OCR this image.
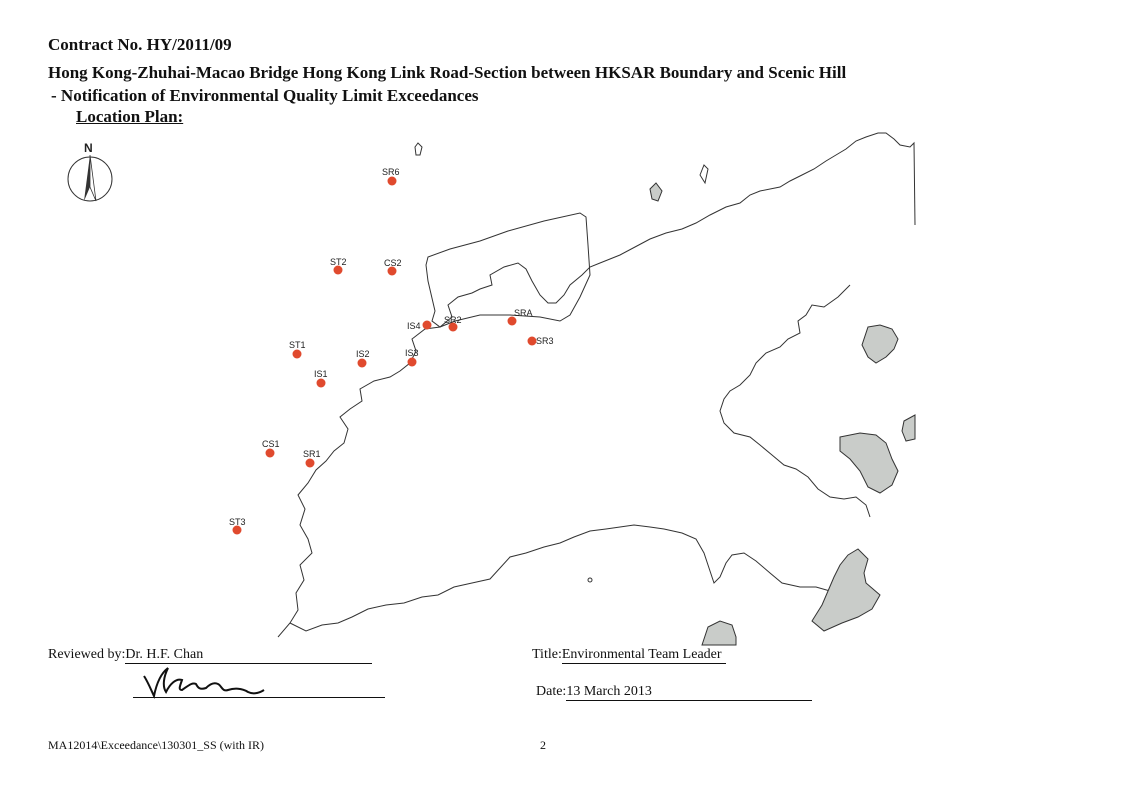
Contract No. HY/2011/09
Hong Kong-Zhuhai-Macao Bridge Hong Kong Link Road-Section between HKSAR Boundary and Scenic Hill
- Notification of Environmental Quality Limit Exceedances
Location Plan:
N
SR6
ST2	CS2
IS4
SR2
SRA
SR3
ST1
IS2	IS3
IS1
CS1
SR1
ST3
Reviewed by:Dr. H.F. Chan	Title:Environmental Team Leader
Date:13 March 2013
MA12014\Exceedance\130301_SS (with IR)	2
